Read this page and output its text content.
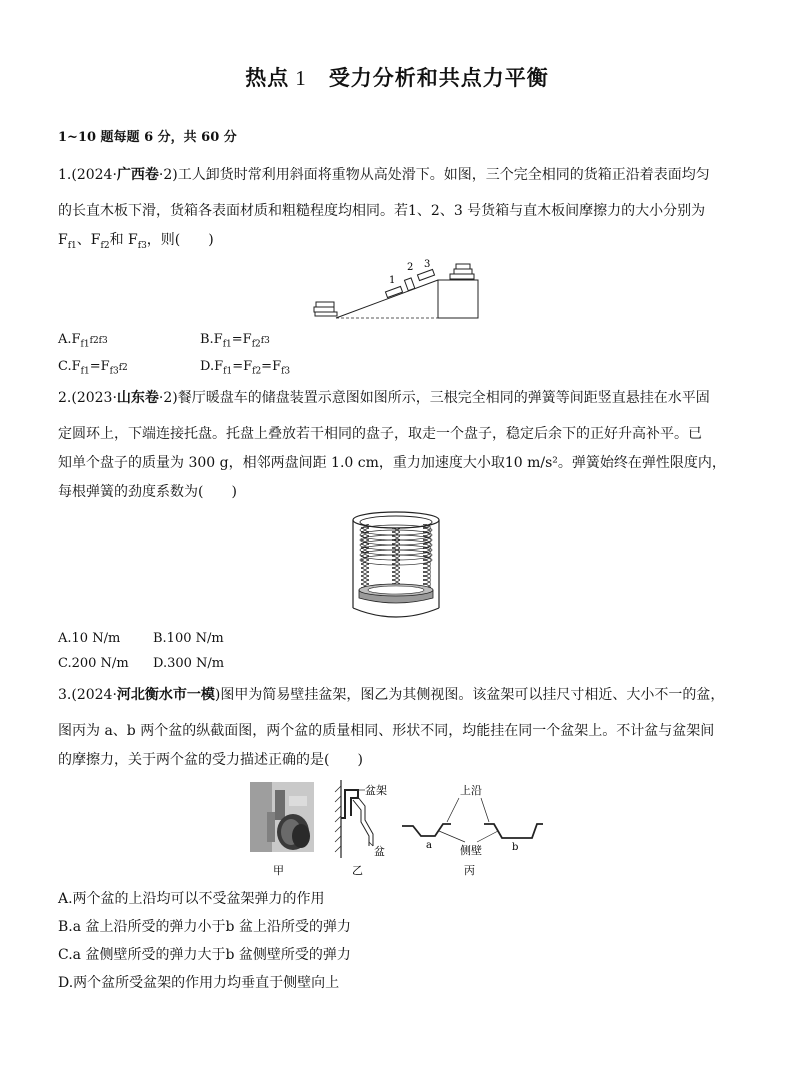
热点 1 受力分析和共点力平衡
1~10 题每题 6 分，共 60 分
1.(2024·广西卷·2)工人卸货时常利用斜面将重物从高处滑下。如图，三个完全相同的货箱正沿着表面均匀
的长直木板下滑，货箱各表面材质和粗糙程度均相同。若1、2、3 号货箱与直木板间摩擦力的大小分别为
$F_{f1}$、$F_{f2}$和 $F_{f3}$，则(　　)
1
2 3
$A.F_{f1}f2f3$	$B.F_{f1}=F_{f2}f3$
$C.F_{f1}=F_{f3}f2$	$D.F_{f1}=F_{f2}=F_{f3}$
2.(2023·山东卷·2)餐厅暖盘车的储盘装置示意图如图所示，三根完全相同的弹簧等间距竖直悬挂在水平固
定圆环上，下端连接托盘。托盘上叠放若干相同的盘子，取走一个盘子，稳定后余下的正好升高补平。已
知单个盘子的质量为 300 g，相邻两盘间距 1.0 cm，重力加速度大小取10 m/s²。弹簧始终在弹性限度内，
每根弹簧的劲度系数为(　　)
A.10 N/m	B.100 N/m
C.200 N/m D.300 N/m
3.(2024·河北衡水市一模)图甲为简易壁挂盆架，图乙为其侧视图。该盆架可以挂尺寸相近、大小不一的盆，
图丙为 a、b 两个盆的纵截面图，两个盆的质量相同、形状不同，均能挂在同一个盆架上。不计盆与盆架间
的摩擦力，关于两个盆的受力描述正确的是(　　)
甲
盆架
盆
乙
上沿
侧壁
a	b
丙
A.两个盆的上沿均可以不受盆架弹力的作用
B.a 盆上沿所受的弹力小于b 盆上沿所受的弹力
C.a 盆侧壁所受的弹力大于b 盆侧壁所受的弹力
D.两个盆所受盆架的作用力均垂直于侧壁向上
